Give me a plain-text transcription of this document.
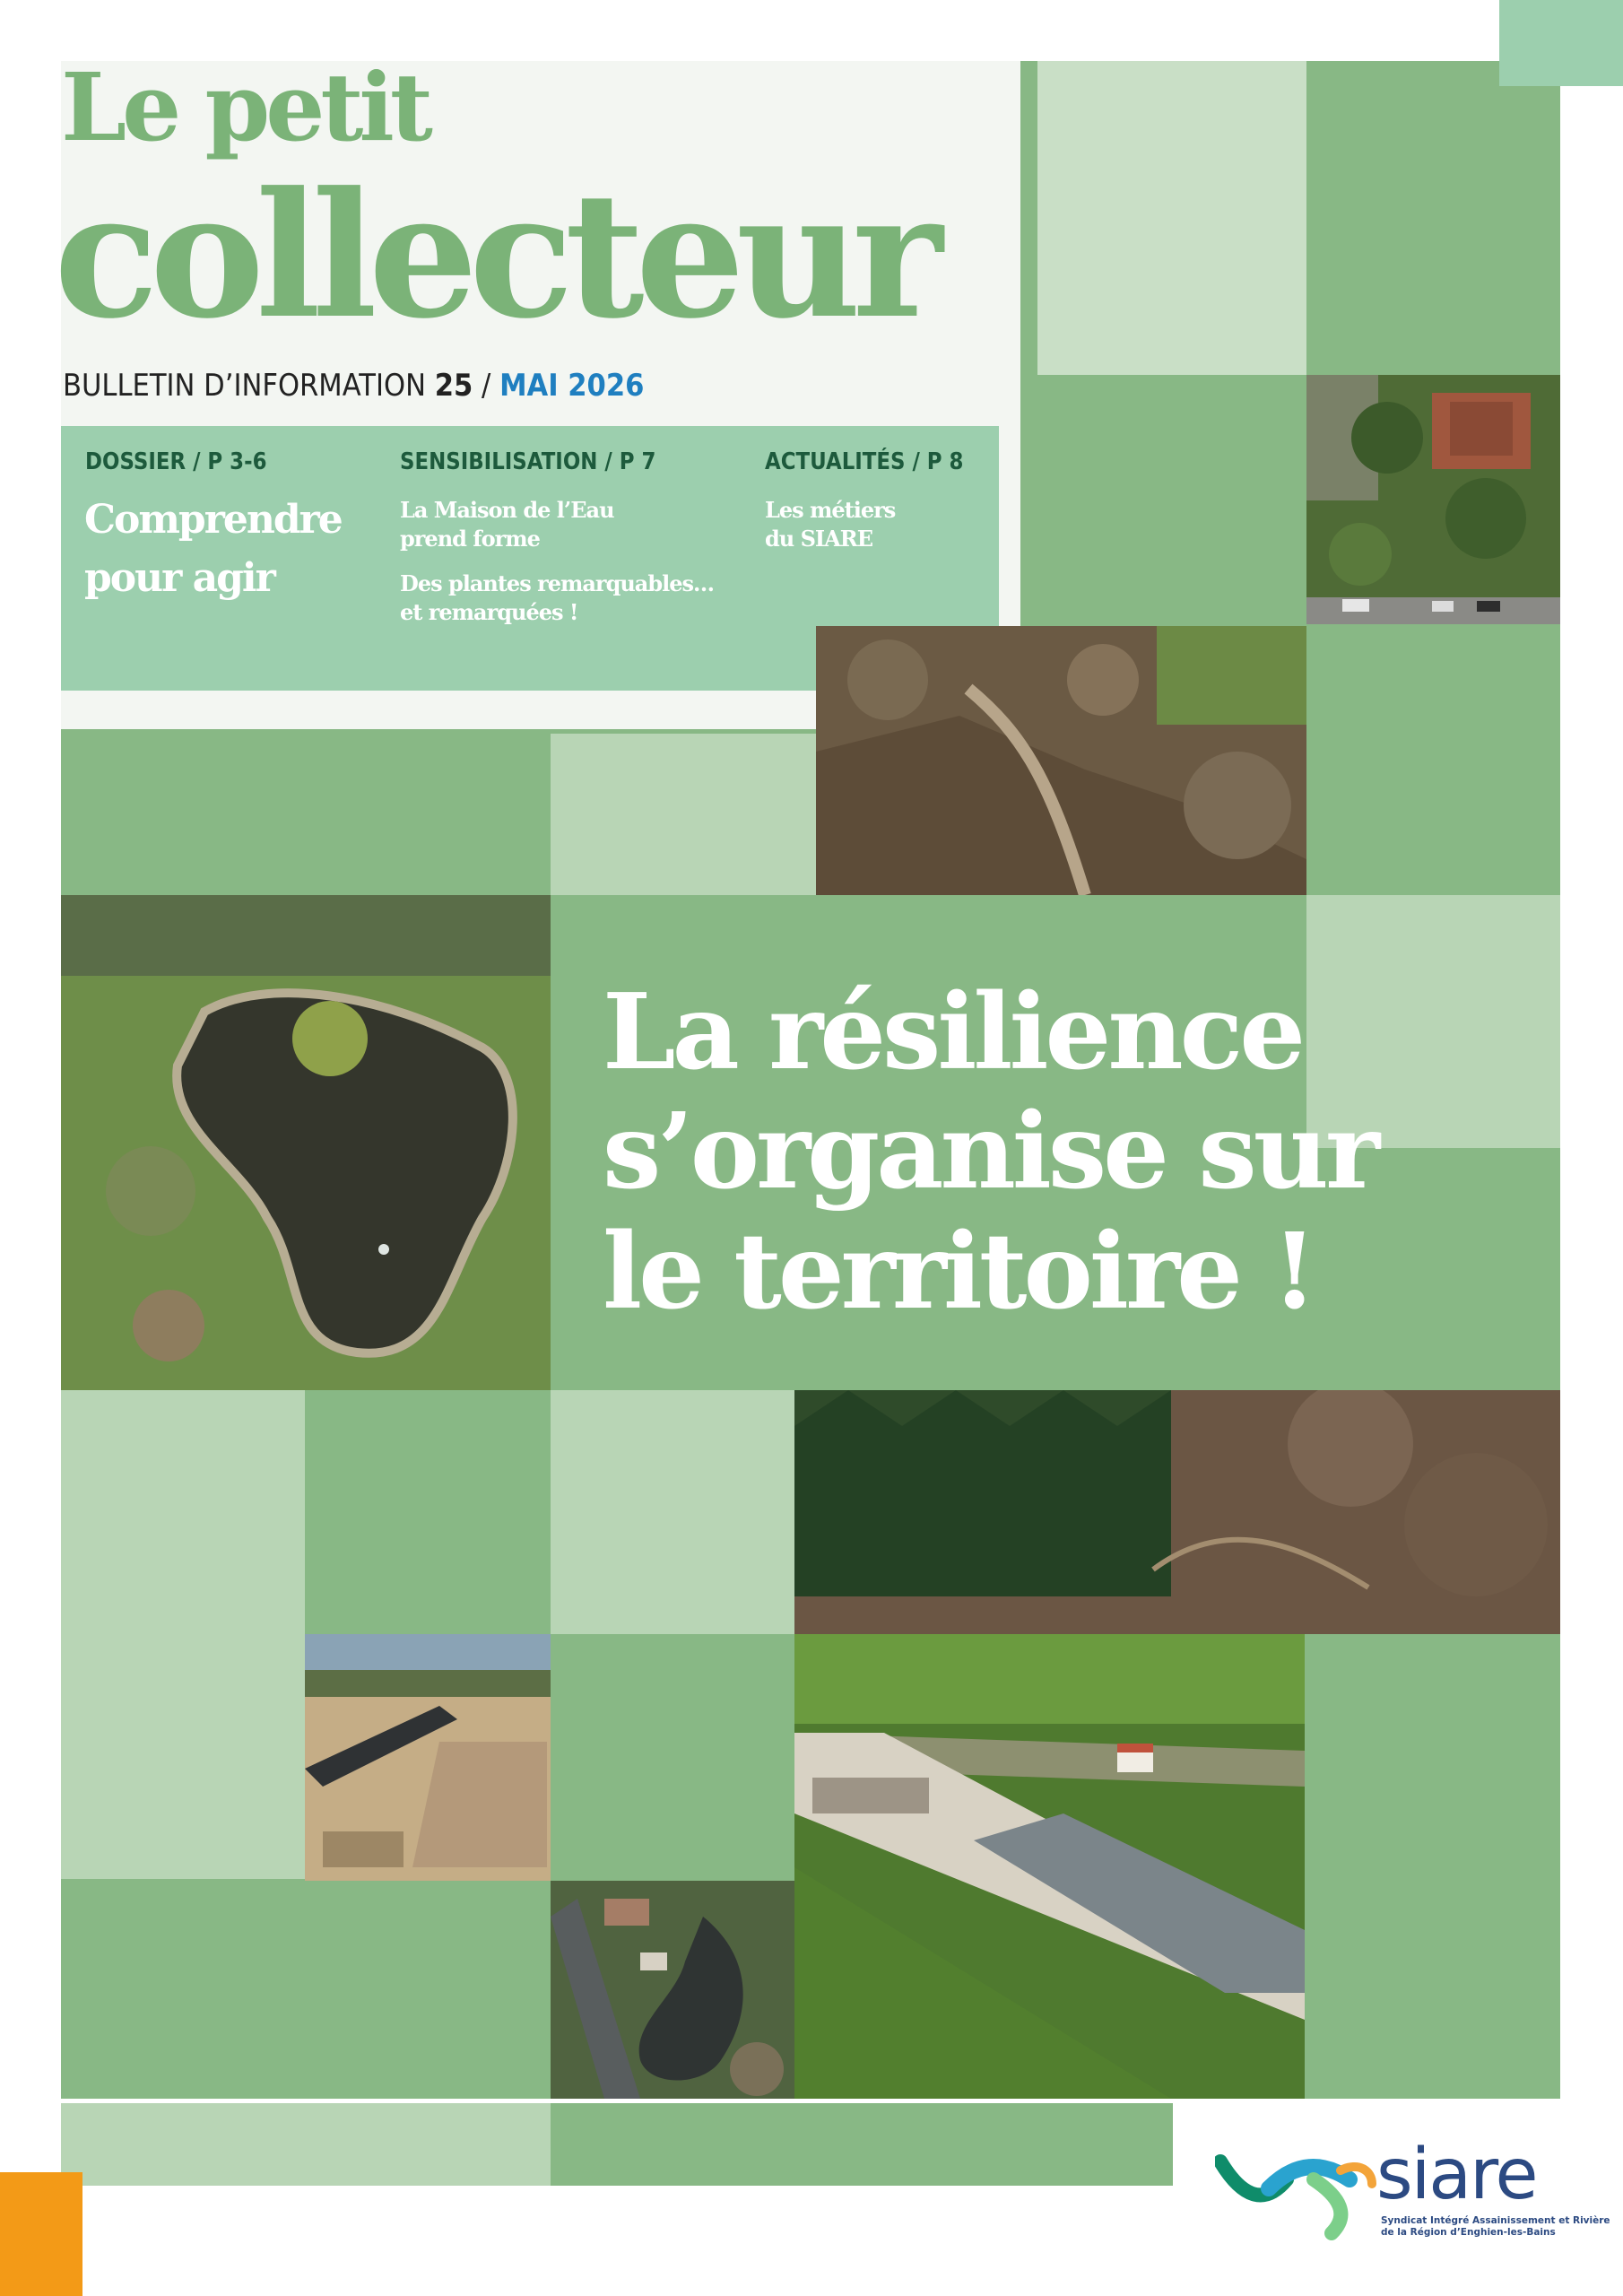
Le petit
collecteur
BULLETIN D’INFORMATION 25 / MAI 2026
DOSSIER / P 3-6
Comprendre
pour agir
SENSIBILISATION / P 7
La Maison de l’Eau
prend forme
Des plantes remarquables…
et remarquées !
ACTUALITÉS / P 8
Les métiers
du SIARE
La résilience
s’organise sur
le territoire !
Syndicat Intégré Assainissement et Rivière de la région d’Enghien-les-Bains	siare
Syndicat Intégré Assainissement et Rivière
de la Région d’Enghien-les-Bains
